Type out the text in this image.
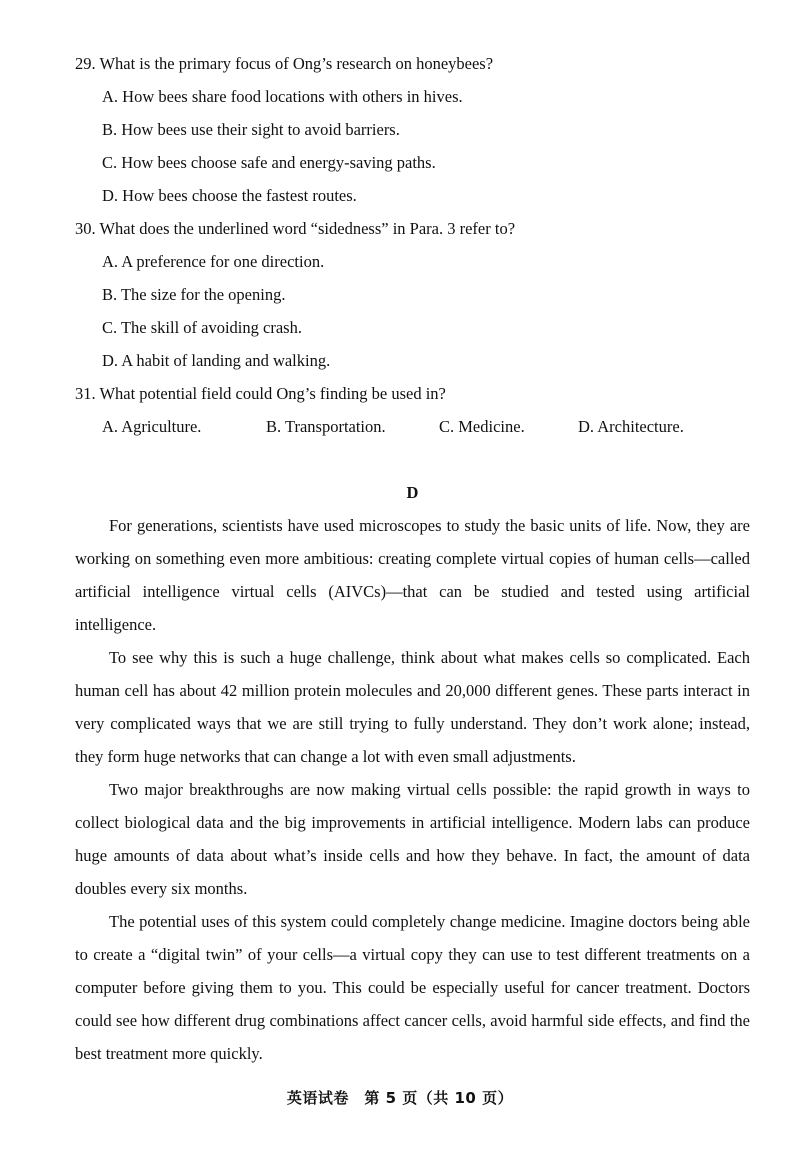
29. What is the primary focus of Ong’s research on honeybees?
A. How bees share food locations with others in hives.
B. How bees use their sight to avoid barriers.
C. How bees choose safe and energy-saving paths.
D. How bees choose the fastest routes.
30. What does the underlined word “sidedness” in Para. 3 refer to?
A. A preference for one direction.
B. The size for the opening.
C. The skill of avoiding crash.
D. A habit of landing and walking.
31. What potential field could Ong’s finding be used in?
A. Agriculture.	B. Transportation.	C. Medicine.	D. Architecture.
D

For generations, scientists have used microscopes to study the basic units of life. Now, they are working on something even more ambitious: creating complete virtual copies of human cells—called artificial intelligence virtual cells (AIVCs)—that can be studied and tested using artificial intelligence.

To see why this is such a huge challenge, think about what makes cells so complicated. Each human cell has about 42 million protein molecules and 20,000 different genes. These parts interact in very complicated ways that we are still trying to fully understand. They don’t work alone; instead, they form huge networks that can change a lot with even small adjustments.

Two major breakthroughs are now making virtual cells possible: the rapid growth in ways to collect biological data and the big improvements in artificial intelligence. Modern labs can produce huge amounts of data about what’s inside cells and how they behave. In fact, the amount of data doubles every six months.

The potential uses of this system could completely change medicine. Imagine doctors being able to create a “digital twin” of your cells—a virtual copy they can use to test different treatments on a computer before giving them to you. This could be especially useful for cancer treatment. Doctors could see how different drug combinations affect cancer cells, avoid harmful side effects, and find the best treatment more quickly.

英语试卷　第 5 页（共 10 页）
